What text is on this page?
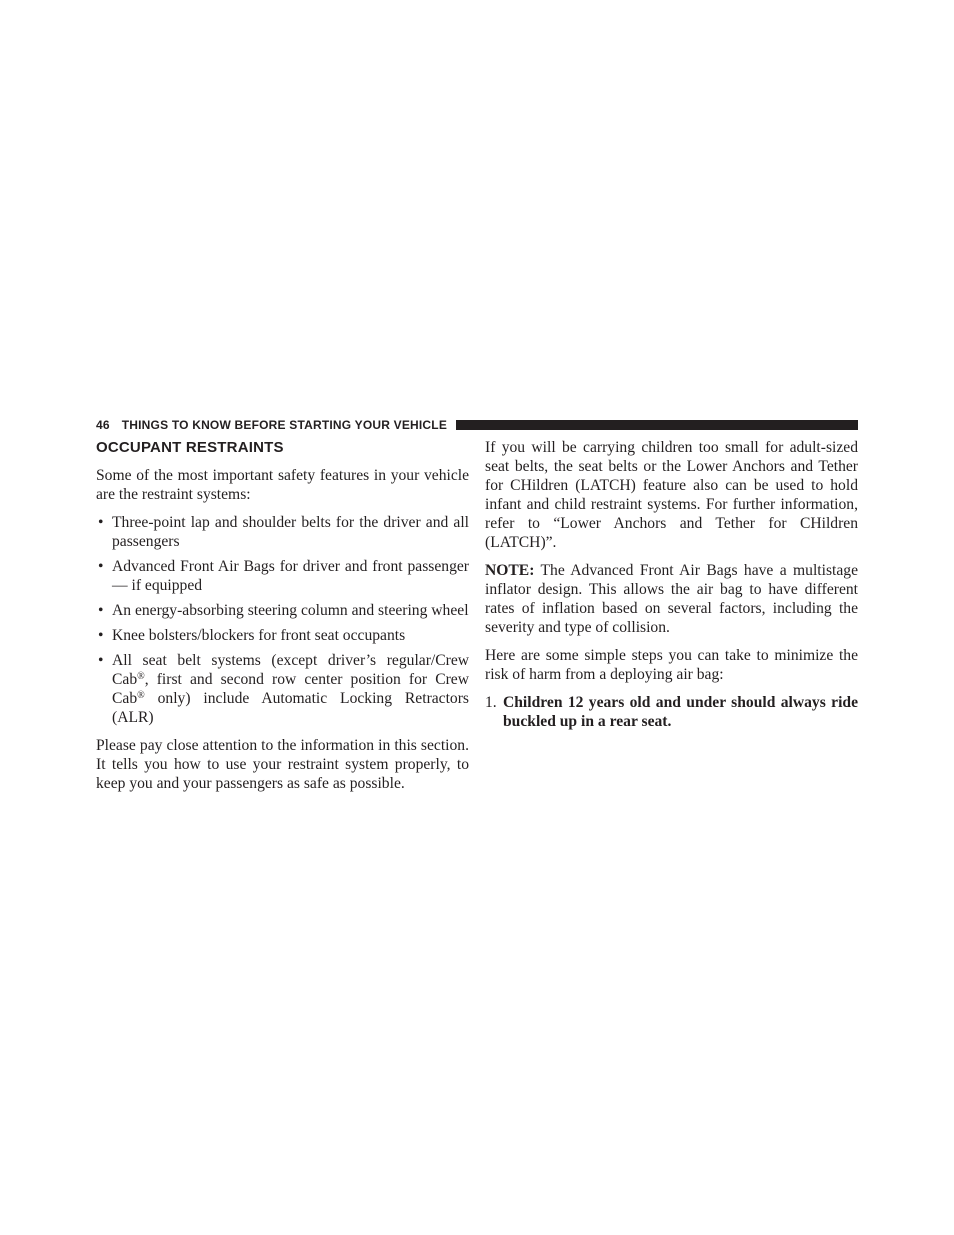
46 THINGS TO KNOW BEFORE STARTING YOUR VEHICLE
OCCUPANT RESTRAINTS

Some of the most important safety features in your vehicle are the restraint systems:

• Three-point lap and shoulder belts for the driver and all passengers
• Advanced Front Air Bags for driver and front passenger — if equipped
• An energy-absorbing steering column and steering wheel
• Knee bolsters/blockers for front seat occupants
• All seat belt systems (except driver’s regular/Crew Cab®, first and second row center position for Crew Cab® only) include Automatic Locking Retractors (ALR)

Please pay close attention to the information in this section. It tells you how to use your restraint system properly, to keep you and your passengers as safe as possible.

If you will be carrying children too small for adult-sized seat belts, the seat belts or the Lower Anchors and Tether for CHildren (LATCH) feature also can be used to hold infant and child restraint systems. For further information, refer to “Lower Anchors and Tether for CHildren (LATCH)”.

NOTE: The Advanced Front Air Bags have a multistage inflator design. This allows the air bag to have different rates of inflation based on several factors, including the severity and type of collision.

Here are some simple steps you can take to minimize the risk of harm from a deploying air bag:

1. Children 12 years old and under should always ride buckled up in a rear seat.
